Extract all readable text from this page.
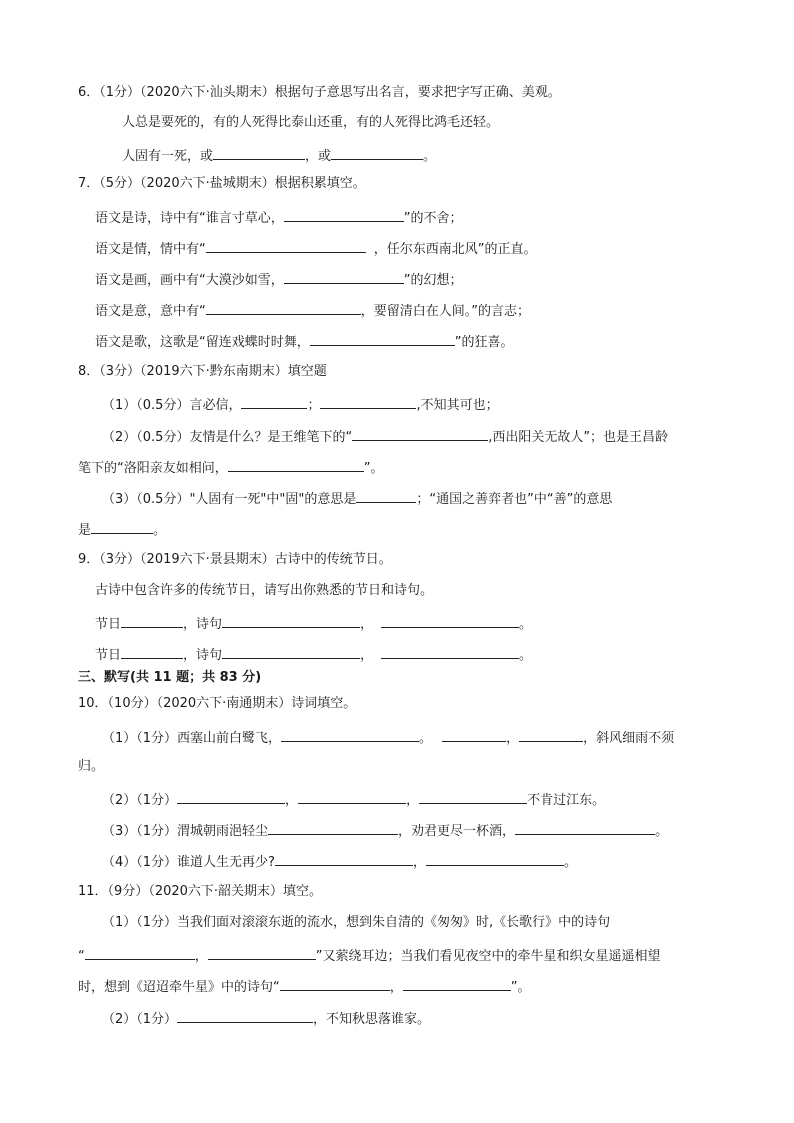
6．（1分）（2020六下·汕头期末）根据句子意思写出名言，要求把字写正确、美观。
人总是要死的，有的人死得比泰山还重，有的人死得比鸿毛还轻。
人固有一死，或	，或	。
7．（5分）（2020六下·盐城期末）根据积累填空。
语文是诗，诗中有“谁言寸草心，	”的不舍；
语文是情，情中有“	，任尔东西南北风”的正直。
语文是画，画中有“大漠沙如雪，	”的幻想；
语文是意，意中有“	，要留清白在人间。”的言志；
语文是歌，这歌是“留连戏蝶时时舞，	”的狂喜。
8．（3分）（2019六下·黔东南期末）填空题
（1）（0.5分）言必信，	；	,不知其可也；
（2）（0.5分）友情是什么？是王维笔下的“	,西出阳关无故人”；也是王昌龄
笔下的“洛阳亲友如相问，	”。
（3）（0.5分）"人固有一死"中"固"的意思是	；“通国之善弈者也”中“善”的意思
是	。
9．（3分）（2019六下·景县期末）古诗中的传统节日。
古诗中包含许多的传统节日，请写出你熟悉的节日和诗句。
节日	，诗句	，	。
节日	，诗句	，	。
三、默写(共 11 题；共 83 分)
10．（10分）（2020六下·南通期末）诗词填空。
（1）（1分）西塞山前白鹭飞，	。	，	，斜风细雨不须
归。
（2）（1分）	，	，	不肯过江东。
（3）（1分）渭城朝雨浥轻尘	，劝君更尽一杯酒，	。
（4）（1分）谁道人生无再少?	，	。
11．（9分）（2020六下·韶关期末）填空。
（1）（1分）当我们面对滚滚东逝的流水，想到朱自清的《匆匆》时,《长歌行》中的诗句
“	，	”又萦绕耳边；当我们看见夜空中的牵牛星和织女星遥遥相望
时，想到《迢迢牵牛星》中的诗句“	，	”。
（2）（1分）	，不知秋思落谁家。
